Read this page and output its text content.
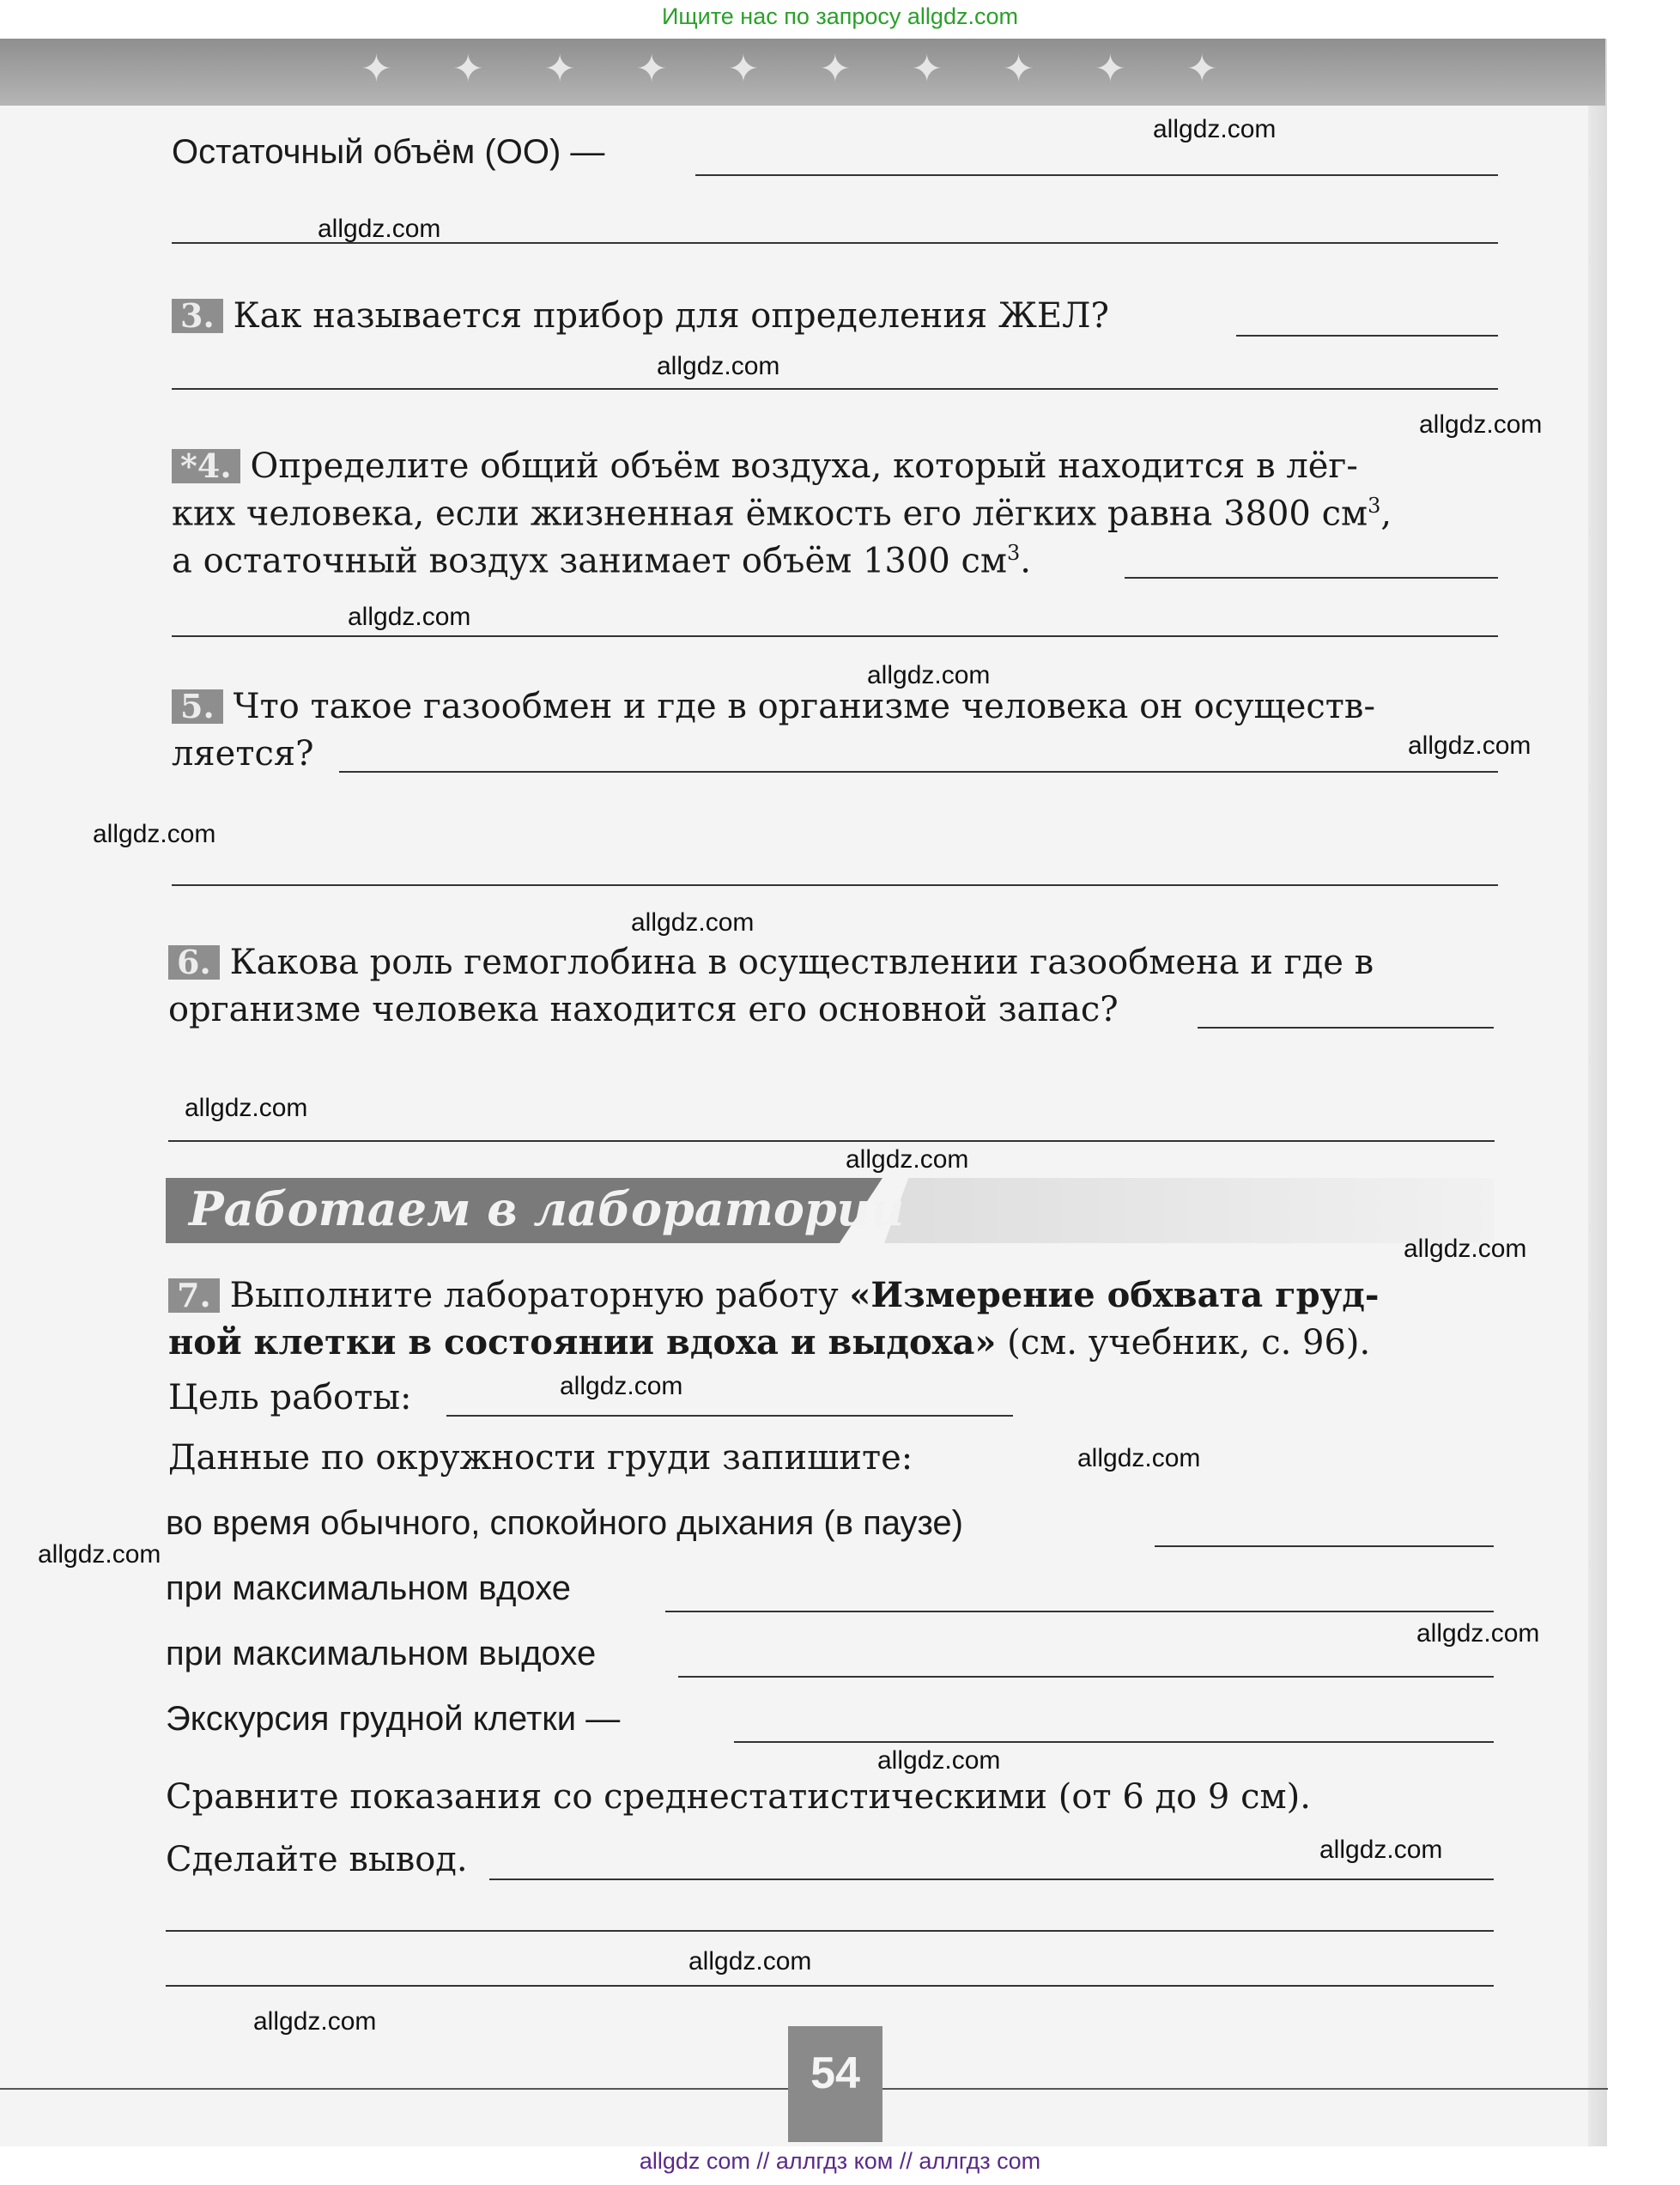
Ищите нас по запросу allgdz.com
✦✦✦✦✦✦✦✦✦✦
Остаточный объём (ОО) —
3. Как называется прибор для определения ЖЕЛ?
*4. Определите общий объём воздуха, который находится в лёг-
ких человека, если жизненная ёмкость его лёгких равна 3800 $см^3$,
а остаточный воздух занимает объём 1300 $см^3$.
5. Что такое газообмен и где в организме человека он осуществ-
ляется?
6. Какова роль гемоглобина в осуществлении газообмена и где в
организме человека находится его основной запас?
Работаем в лаборатории
7. Выполните лабораторную работу «Измерение обхвата груд-
ной клетки в состоянии вдоха и выдоха» (см. учебник, с. 96).
Цель работы:
Данные по окружности груди запишите:
во время обычного, спокойного дыхания (в паузе)
при максимальном вдохе
при максимальном выдохе
Экскурсия грудной клетки —
Сравните показания со среднестатистическими (от 6 до 9 см).
Сделайте вывод.
allgdz.com
allgdz.com
allgdz.com
allgdz.com
allgdz.com
allgdz.com
allgdz.com
allgdz.com
allgdz.com
allgdz.com
allgdz.com
allgdz.com
allgdz.com
allgdz.com
allgdz.com
allgdz.com
allgdz.com
allgdz.com
allgdz.com
allgdz.com
54
allgdz com // аллгдз ком // аллгдз com
